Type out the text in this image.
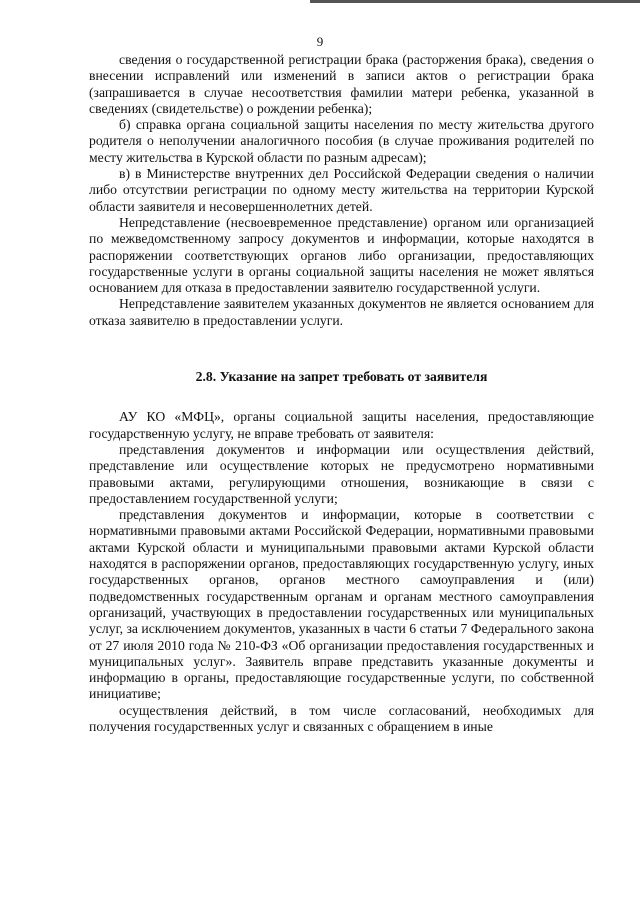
9

сведения о государственной регистрации брака (расторжения брака), сведения о внесении исправлений или изменений в записи актов о регистрации брака (запрашивается в случае несоответствия фамилии матери ребенка, указанной в сведениях (свидетельстве) о рождении ребенка);

б) справка органа социальной защиты населения по месту жительства другого родителя о неполучении аналогичного пособия (в случае проживания родителей по месту жительства в Курской области по разным адресам);

в) в Министерстве внутренних дел Российской Федерации сведения о наличии либо отсутствии регистрации по одному месту жительства на территории Курской области заявителя и несовершеннолетних детей.

Непредставление (несвоевременное представление) органом или организацией по межведомственному запросу документов и информации, которые находятся в распоряжении соответствующих органов либо организации, предоставляющих государственные услуги в органы социальной защиты населения не может являться основанием для отказа в предоставлении заявителю государственной услуги.

Непредставление заявителем указанных документов не является основанием для отказа заявителю в предоставлении услуги.

2.8. Указание на запрет требовать от заявителя

АУ КО «МФЦ», органы социальной защиты населения, предоставляющие государственную услугу, не вправе требовать от заявителя:

представления документов и информации или осуществления действий, представление или осуществление которых не предусмотрено нормативными правовыми актами, регулирующими отношения, возникающие в связи с предоставлением государственной услуги;

представления документов и информации, которые в соответствии с нормативными правовыми актами Российской Федерации, нормативными правовыми актами Курской области и муниципальными правовыми актами Курской области находятся в распоряжении органов, предоставляющих государственную услугу, иных государственных органов, органов местного самоуправления и (или) подведомственных государственным органам и органам местного самоуправления организаций, участвующих в предоставлении государственных или муниципальных услуг, за исключением документов, указанных в части 6 статьи 7 Федерального закона от 27 июля 2010 года № 210-ФЗ «Об организации предоставления государственных и муниципальных услуг». Заявитель вправе представить указанные документы и информацию в органы, предоставляющие государственные услуги, по собственной инициативе;

осуществления действий, в том числе согласований, необходимых для получения государственных услуг и связанных с обращением в иные
